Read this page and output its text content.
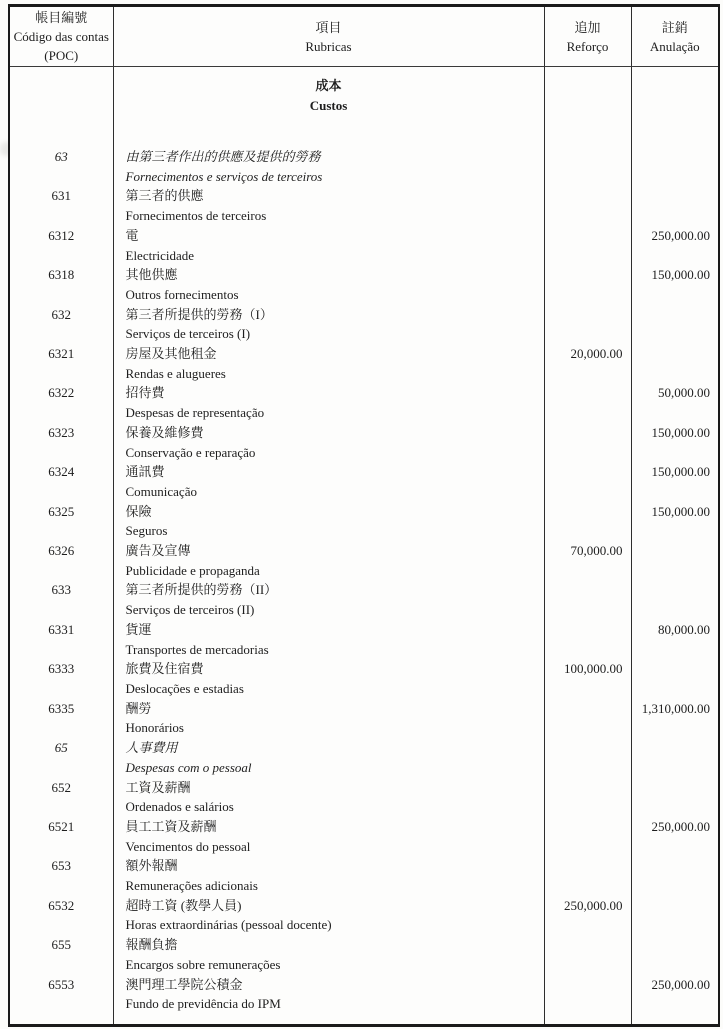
帳目編號
Código das contas (POC)

項目
Rubricas

追加
Reforço

註銷
Anulação

	成本
Custos		

63	由第三者作出的供應及提供的勞務		
	Fornecimentos e serviços de terceiros		
631	第三者的供應		
	Fornecimentos de terceiros		
6312	電		250,000.00
	Electricidade		
6318	其他供應		150,000.00
	Outros fornecimentos		
632	第三者所提供的勞務（I）		
	Serviços de terceiros (I)		
6321	房屋及其他租金	20,000.00	
	Rendas e alugueres		
6322	招待費		50,000.00
	Despesas de representação		
6323	保養及維修費		150,000.00
	Conservação e reparação		
6324	通訊費		150,000.00
	Comunicação		
6325	保險		150,000.00
	Seguros		
6326	廣告及宣傳	70,000.00	
	Publicidade e propaganda		
633	第三者所提供的勞務（II）		
	Serviços de terceiros (II)		
6331	貨運		80,000.00
	Transportes de mercadorias		
6333	旅費及住宿費	100,000.00	
	Deslocações e estadias		
6335	酬勞		1,310,000.00
	Honorários		
65	人事費用		
	Despesas com o pessoal		
652	工資及薪酬		
	Ordenados e salários		
6521	員工工資及薪酬		250,000.00
	Vencimentos do pessoal		
653	額外報酬		
	Remunerações adicionais		
6532	超時工資 (教學人員)	250,000.00	
	Horas extraordinárias (pessoal docente)		
655	報酬負擔		
	Encargos sobre remunerações		
6553	澳門理工學院公積金		250,000.00
	Fundo de previdência do IPM		
